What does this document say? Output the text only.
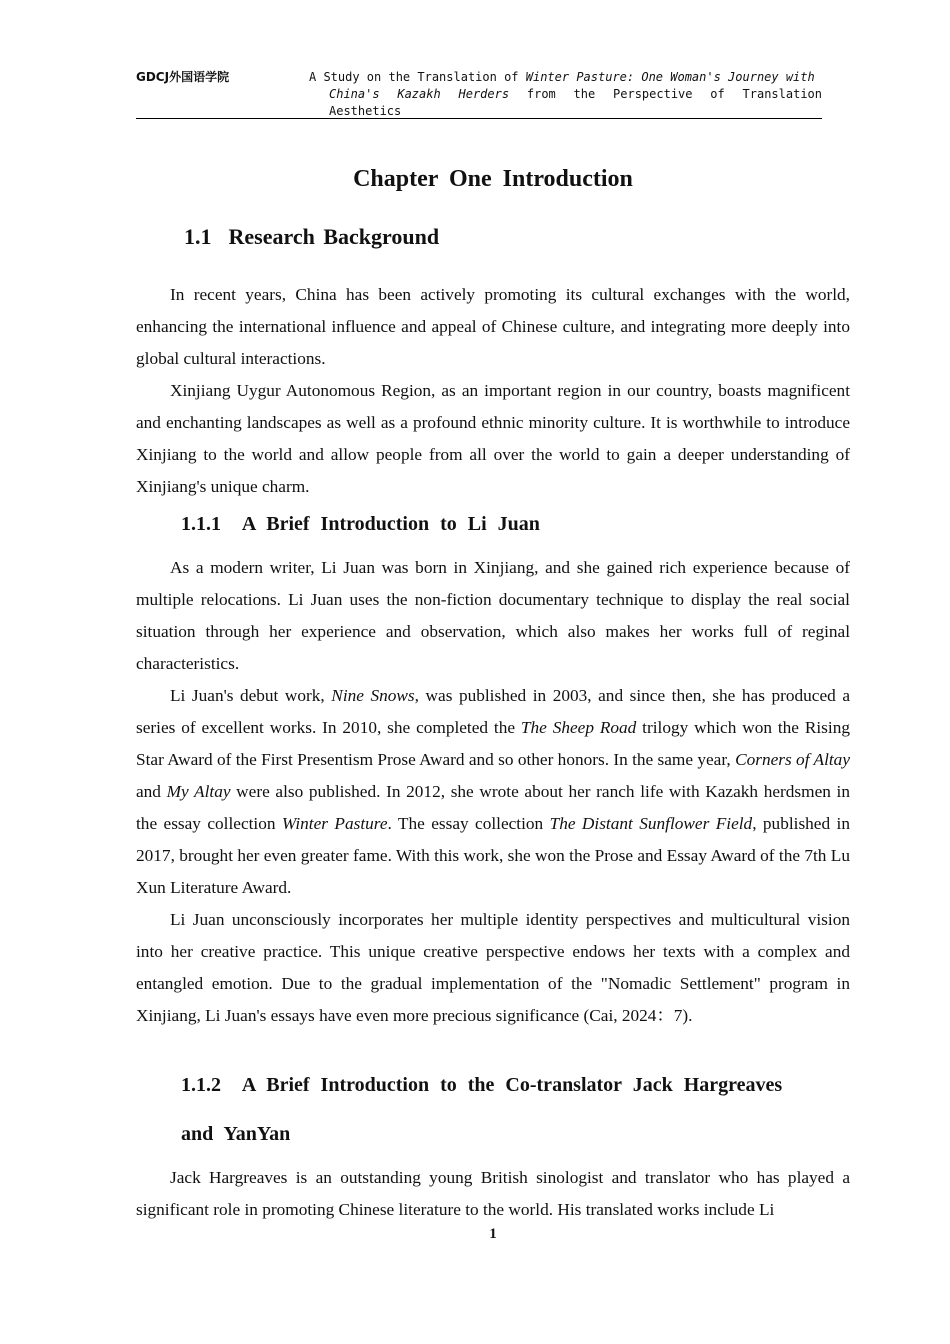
GDCJ外国语学院	A Study on the Translation of Winter Pasture: One Woman's Journey with
China's Kazakh Herders from the Perspective of Translation
Aesthetics
Chapter One Introduction
1.1 Research Background

In recent years, China has been actively promoting its cultural exchanges with the world, enhancing the international influence and appeal of Chinese culture, and integrating more deeply into global cultural interactions.

Xinjiang Uygur Autonomous Region, as an important region in our country, boasts magnificent and enchanting landscapes as well as a profound ethnic minority culture. It is worthwhile to introduce Xinjiang to the world and allow people from all over the world to gain a deeper understanding of Xinjiang's unique charm.

1.1.1 A Brief Introduction to Li Juan

As a modern writer, Li Juan was born in Xinjiang, and she gained rich experience because of multiple relocations. Li Juan uses the non-fiction documentary technique to display the real social situation through her experience and observation, which also makes her works full of reginal characteristics.

Li Juan's debut work, Nine Snows, was published in 2003, and since then, she has produced a series of excellent works. In 2010, she completed the The Sheep Road trilogy which won the Rising Star Award of the First Presentism Prose Award and so other honors. In the same year, Corners of Altay and My Altay were also published. In 2012, she wrote about her ranch life with Kazakh herdsmen in the essay collection Winter Pasture. The essay collection The Distant Sunflower Field, published in 2017, brought her even greater fame. With this work, she won the Prose and Essay Award of the 7th Lu Xun Literature Award.

Li Juan unconsciously incorporates her multiple identity perspectives and multicultural vision into her creative practice. This unique creative perspective endows her texts with a complex and entangled emotion. Due to the gradual implementation of the "Nomadic Settlement" program in Xinjiang, Li Juan's essays have even more precious significance (Cai, 2024：7).

1.1.2 A Brief Introduction to the Co-translator Jack Hargreaves
and YanYan

Jack Hargreaves is an outstanding young British sinologist and translator who has played a significant role in promoting Chinese literature to the world. His translated works include Li

1
